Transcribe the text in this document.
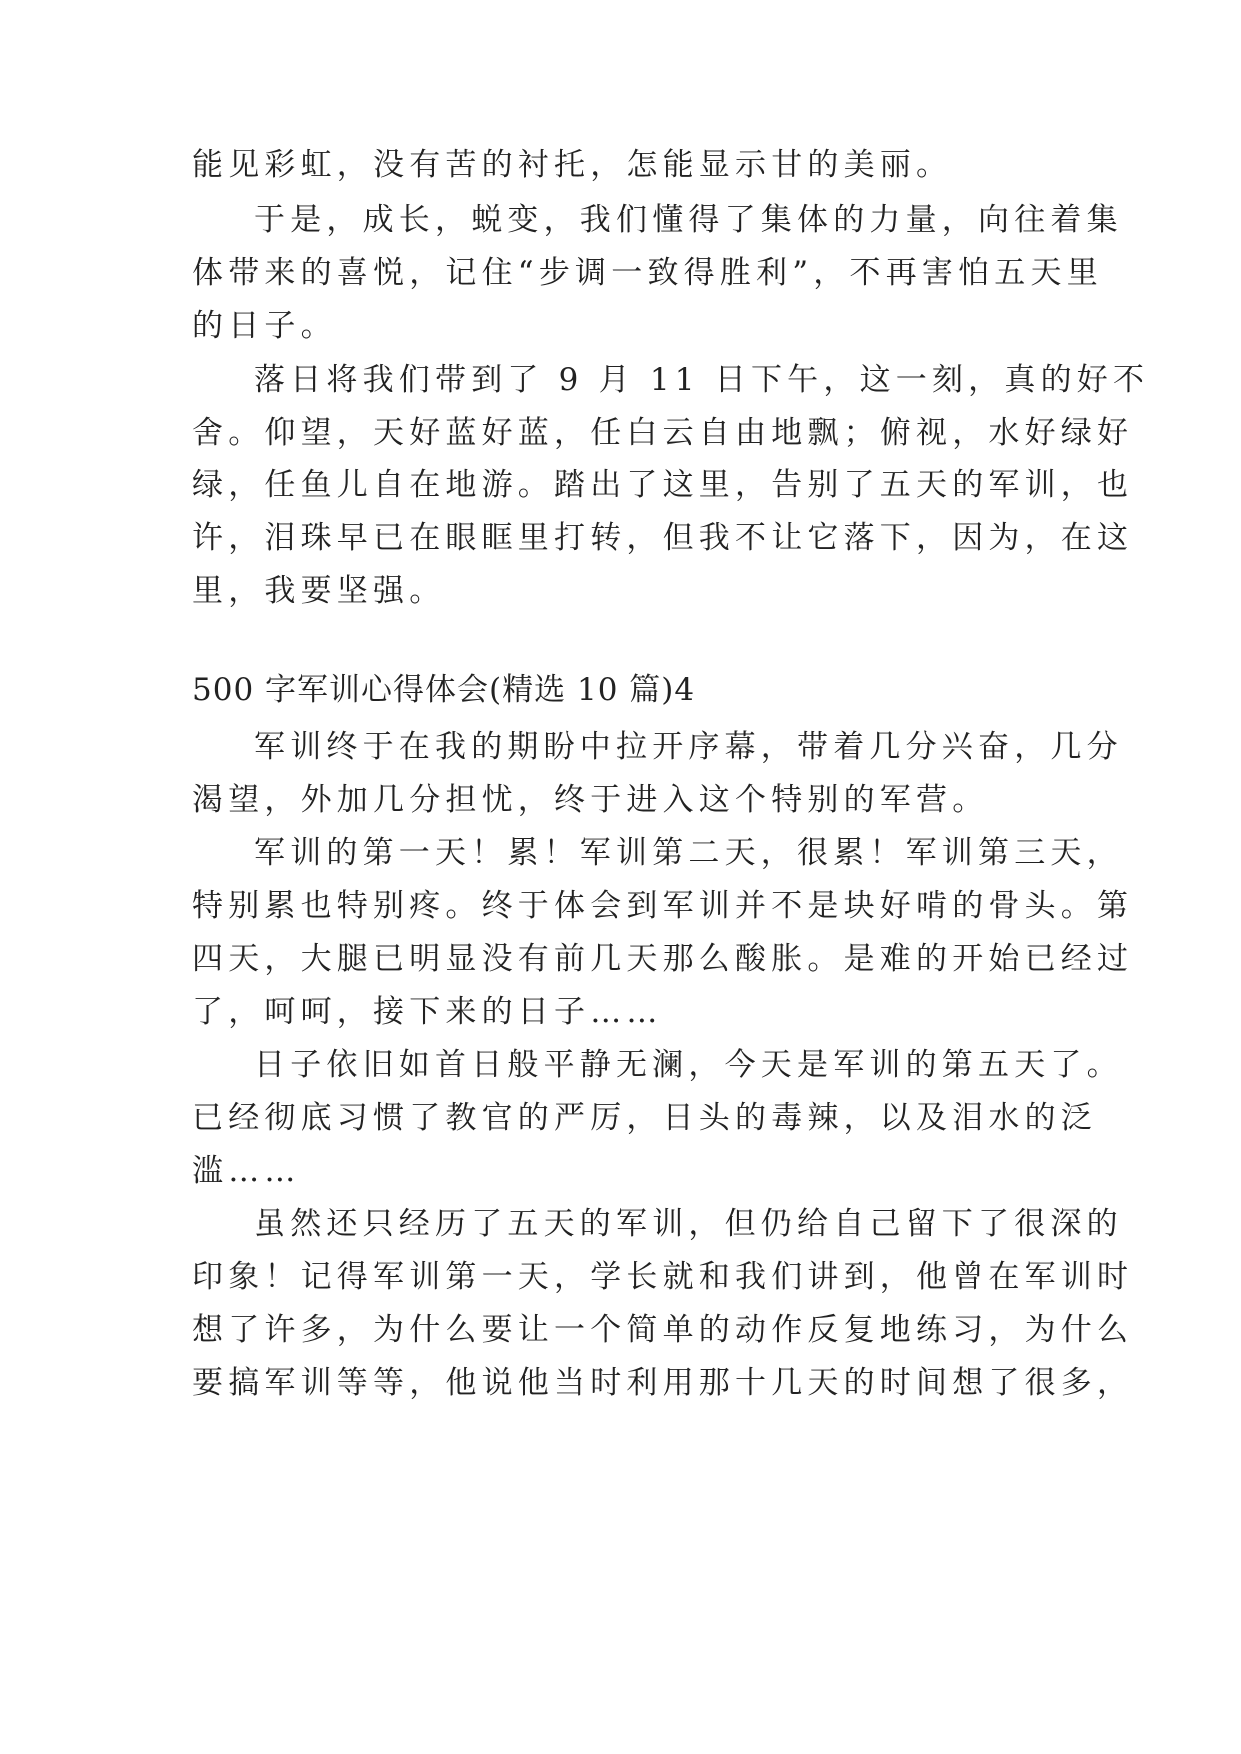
能见彩虹，没有苦的衬托，怎能显示甘的美丽。
于是，成长，蜕变，我们懂得了集体的力量，向往着集
体带来的喜悦，记住“步调一致得胜利”，不再害怕五天里
的日子。
落日将我们带到了 9 月 11 日下午，这一刻，真的好不
舍。仰望，天好蓝好蓝，任白云自由地飘；俯视，水好绿好
绿，任鱼儿自在地游。踏出了这里，告别了五天的军训，也
许，泪珠早已在眼眶里打转，但我不让它落下，因为，在这
里，我要坚强。
500 字军训心得体会(精选 10 篇)4
军训终于在我的期盼中拉开序幕，带着几分兴奋，几分
渴望，外加几分担忧，终于进入这个特别的军营。
军训的第一天！累！军训第二天，很累！军训第三天，
特别累也特别疼。终于体会到军训并不是块好啃的骨头。第
四天，大腿已明显没有前几天那么酸胀。是难的开始已经过
了，呵呵，接下来的日子……
日子依旧如首日般平静无澜，今天是军训的第五天了。
已经彻底习惯了教官的严厉，日头的毒辣，以及泪水的泛
滥……
虽然还只经历了五天的军训，但仍给自己留下了很深的
印象！记得军训第一天，学长就和我们讲到，他曾在军训时
想了许多，为什么要让一个简单的动作反复地练习，为什么
要搞军训等等，他说他当时利用那十几天的时间想了很多，
